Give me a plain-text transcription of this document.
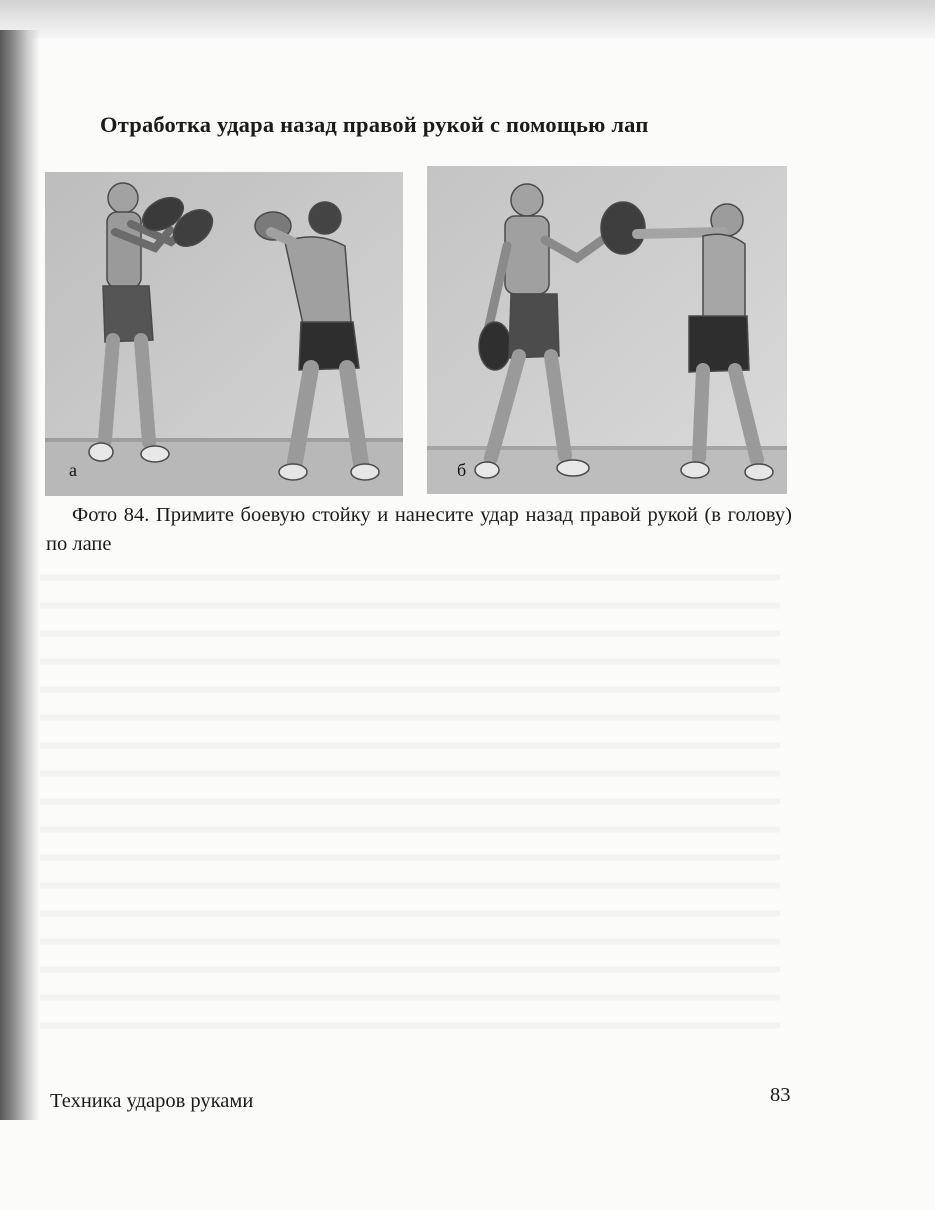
Отработка удара назад правой рукой с помощью лап
а	б
Фото 84. Примите боевую стойку и нанесите удар назад правой рукой (в голову) по лапе
Техника ударов руками	83
